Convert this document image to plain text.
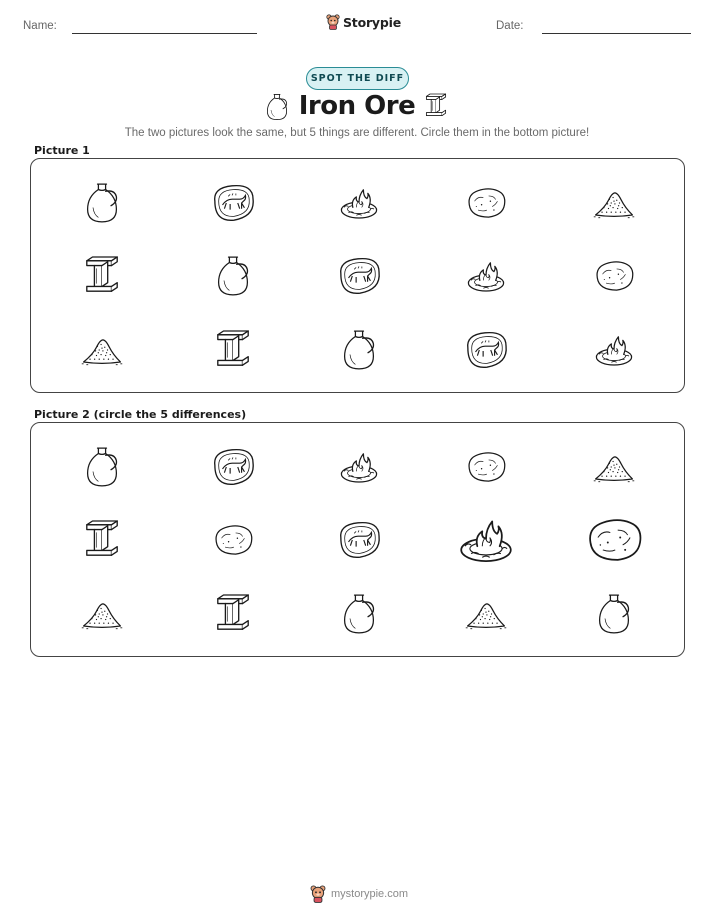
Name:	Storypie	Date:
SPOT THE DIFF
Iron Ore
The two pictures look the same, but 5 things are different. Circle them in the bottom picture!
Picture 1
Picture 2 (circle the 5 differences)
mystorypie.com
